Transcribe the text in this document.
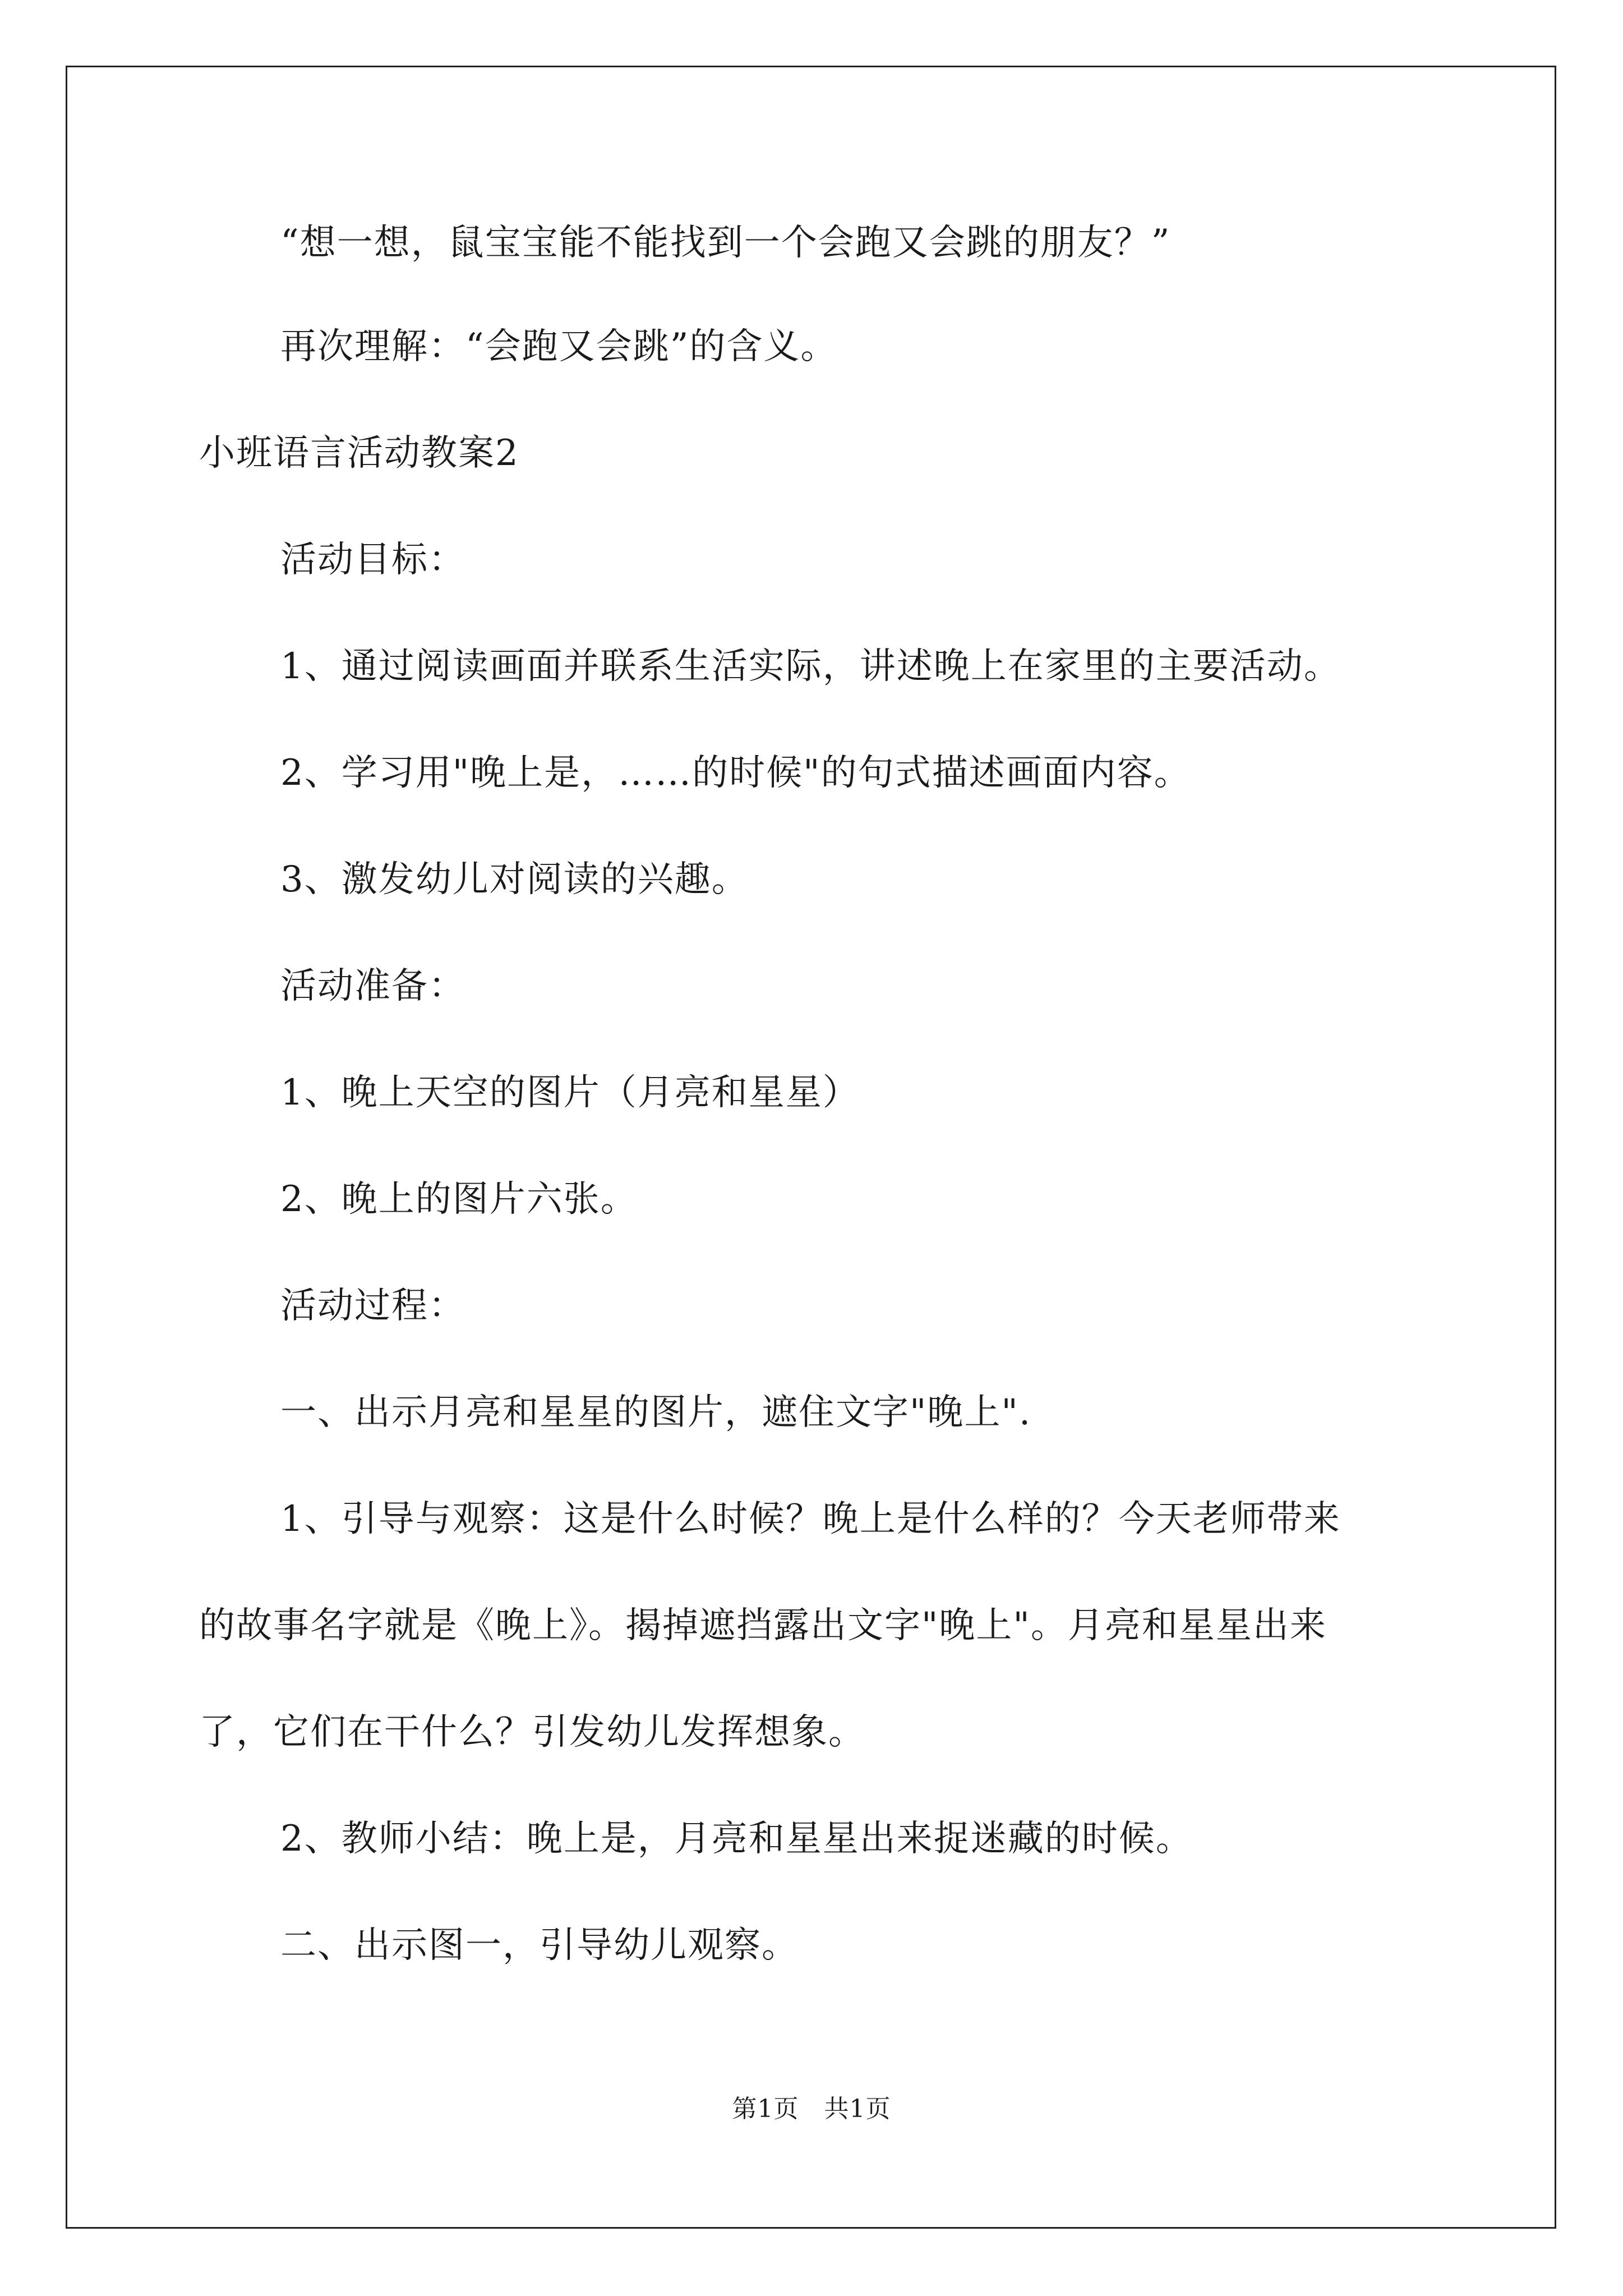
“想一想，鼠宝宝能不能找到一个会跑又会跳的朋友？”
再次理解：“会跑又会跳”的含义。
小班语言活动教案2
活动目标：
1、通过阅读画面并联系生活实际，讲述晚上在家里的主要活动。
2、学习用"晚上是，……的时候"的句式描述画面内容。
3、激发幼儿对阅读的兴趣。
活动准备：
1、晚上天空的图片（月亮和星星）
2、晚上的图片六张。
活动过程：
一、出示月亮和星星的图片，遮住文字"晚上".
1、引导与观察：这是什么时候？晚上是什么样的？今天老师带来
的故事名字就是《晚上》。揭掉遮挡露出文字"晚上"。月亮和星星出来
了，它们在干什么？引发幼儿发挥想象。
2、教师小结：晚上是，月亮和星星出来捉迷藏的时候。
二、出示图一，引导幼儿观察。
第1页　共1页
